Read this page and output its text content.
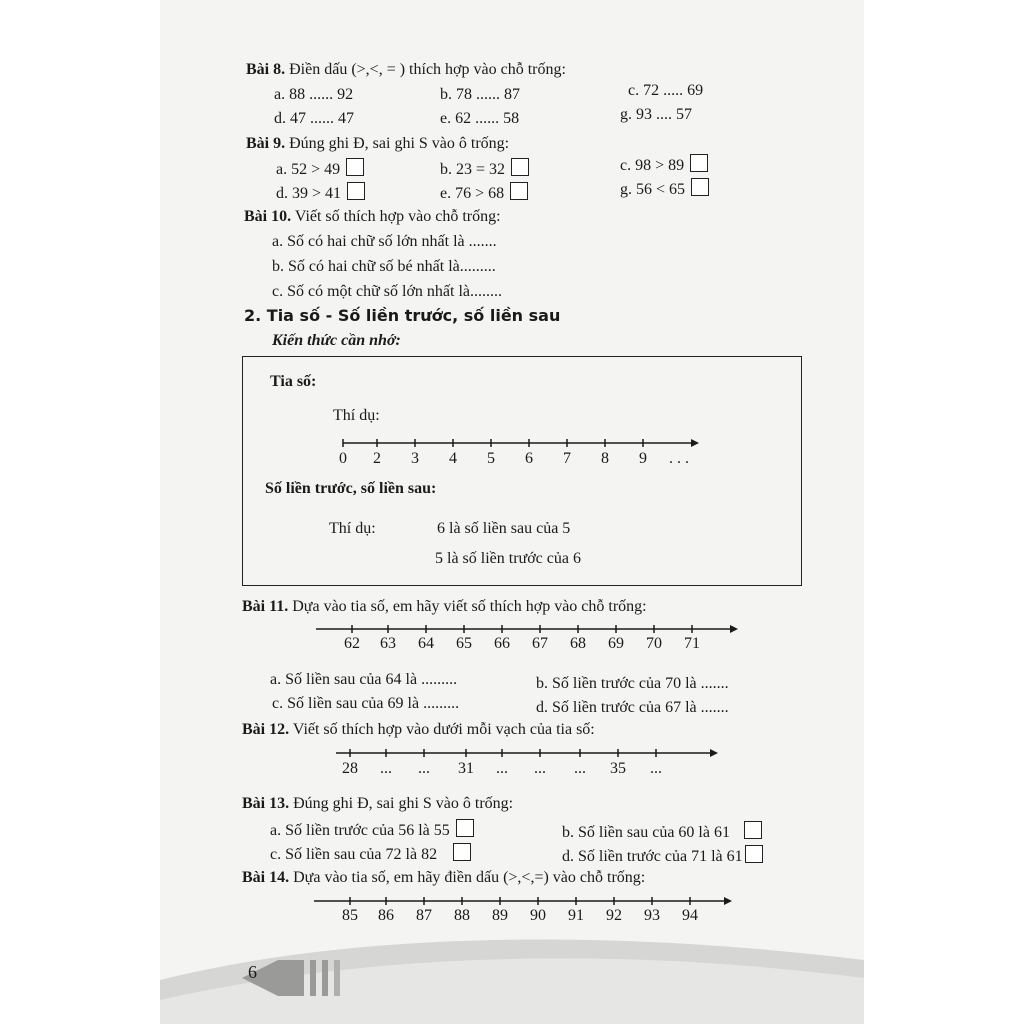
Bài 8. Điền dấu (>,<, = ) thích hợp vào chỗ trống:
a. 88 ...... 92	b. 78 ...... 87	c. 72 ..... 69
d. 47 ...... 47	e. 62 ...... 58	g. 93 .... 57
Bài 9. Đúng ghi Đ, sai ghi S vào ô trống:
a. 52 > 49	b. 23 = 32	c. 98 > 89
d. 39 > 41	e. 76 > 68	g. 56 < 65
Bài 10. Viết số thích hợp vào chỗ trống:
a. Số có hai chữ số lớn nhất là .......
b. Số có hai chữ số bé nhất là.........
c. Số có một chữ số lớn nhất là........
2. Tia số - Số liền trước, số liền sau
Kiến thức cần nhớ:
Tia số:
Thí dụ:
0 2 3 4 5 6 7 8 9 . . .
Số liền trước, số liền sau:
Thí dụ:	6 là số liền sau của 5
5 là số liền trước của 6
Bài 11. Dựa vào tia số, em hãy viết số thích hợp vào chỗ trống:
62 63 64 65 66 67 68 69 70 71
a. Số liền sau của 64 là .........	b. Số liền trước của 70 là .......
c. Số liền sau của 69 là .........	d. Số liền trước của 67 là .......
Bài 12. Viết số thích hợp vào dưới mỗi vạch của tia số:
28 ... ... 31 ... ... ... 35 ...
Bài 13. Đúng ghi Đ, sai ghi S vào ô trống:
a. Số liền trước của 56 là 55	b. Số liền sau của 60 là 61
c. Số liền sau của 72 là 82	d. Số liền trước của 71 là 61
Bài 14. Dựa vào tia số, em hãy điền dấu (>,<,=) vào chỗ trống:
85 86 87 88 89 90 91 92 93 94
6
